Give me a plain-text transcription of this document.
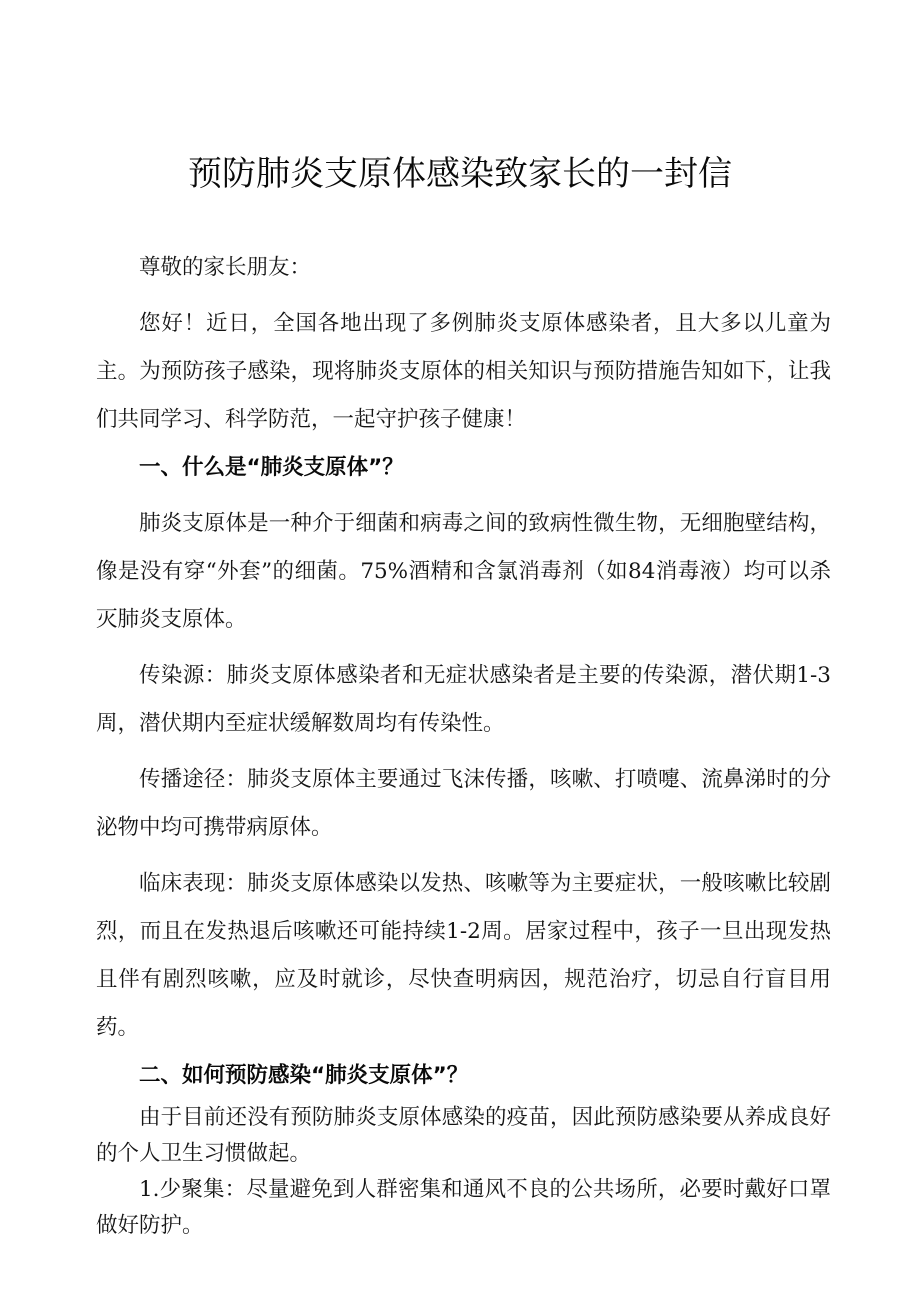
预防肺炎支原体感染致家长的一封信

尊敬的家长朋友：

您好！近日，全国各地出现了多例肺炎支原体感染者，且大多以儿童为主。为预防孩子感染，现将肺炎支原体的相关知识与预防措施告知如下，让我们共同学习、科学防范，一起守护孩子健康！

一、什么是“肺炎支原体”？

肺炎支原体是一种介于细菌和病毒之间的致病性微生物，无细胞壁结构，像是没有穿“外套”的细菌。75%酒精和含氯消毒剂（如84消毒液）均可以杀灭肺炎支原体。

传染源：肺炎支原体感染者和无症状感染者是主要的传染源，潜伏期1-3周，潜伏期内至症状缓解数周均有传染性。

传播途径：肺炎支原体主要通过飞沫传播，咳嗽、打喷嚏、流鼻涕时的分泌物中均可携带病原体。

临床表现：肺炎支原体感染以发热、咳嗽等为主要症状，一般咳嗽比较剧烈，而且在发热退后咳嗽还可能持续1-2周。居家过程中，孩子一旦出现发热且伴有剧烈咳嗽，应及时就诊，尽快查明病因，规范治疗，切忌自行盲目用药。

二、如何预防感染“肺炎支原体”？

由于目前还没有预防肺炎支原体感染的疫苗，因此预防感染要从养成良好的个人卫生习惯做起。

1.少聚集：尽量避免到人群密集和通风不良的公共场所，必要时戴好口罩做好防护。
